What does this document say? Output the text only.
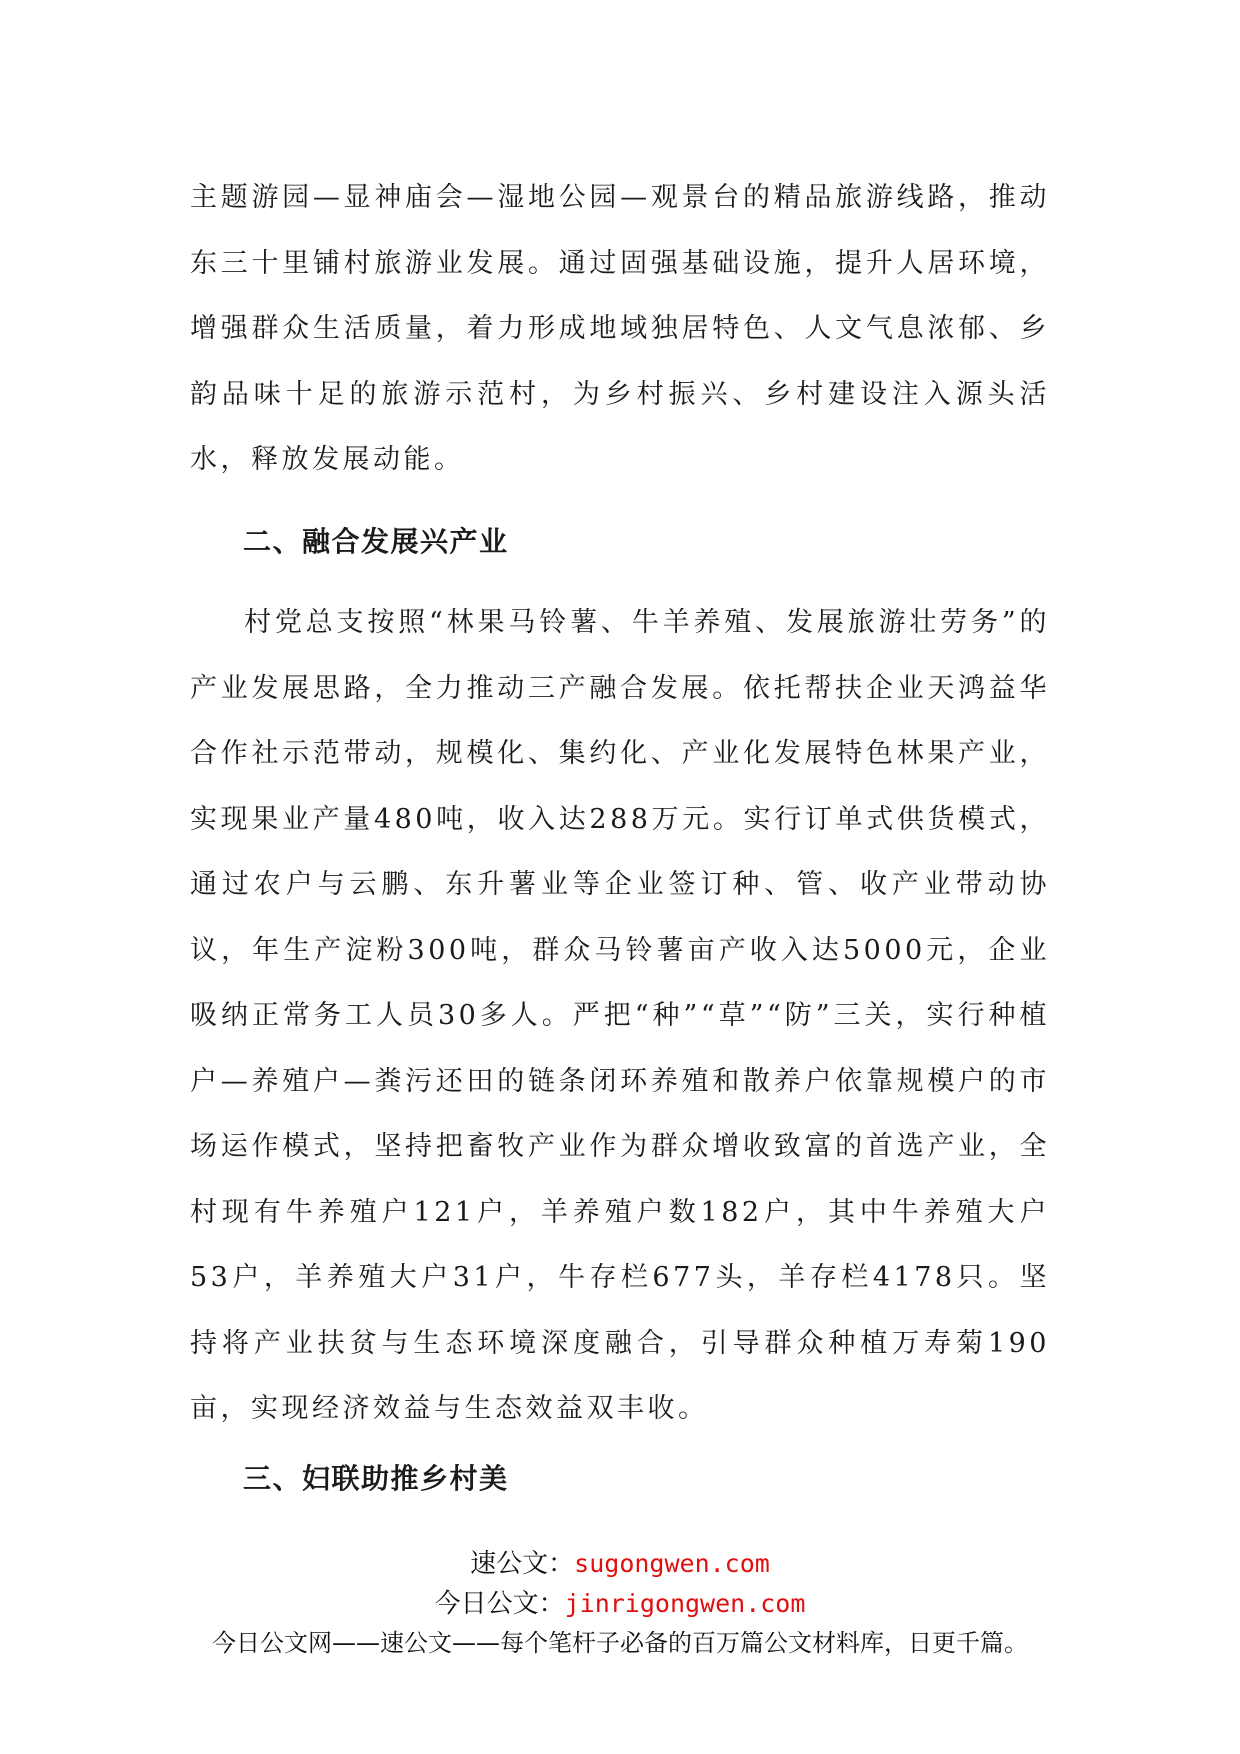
主题游园—显神庙会—湿地公园—观景台的精品旅游线路，推动东三十里铺村旅游业发展。通过固强基础设施，提升人居环境，增强群众生活质量，着力形成地域独居特色、人文气息浓郁、乡韵品味十足的旅游示范村，为乡村振兴、乡村建设注入源头活水，释放发展动能。

二、融合发展兴产业

村党总支按照“林果马铃薯、牛羊养殖、发展旅游壮劳务”的产业发展思路，全力推动三产融合发展。依托帮扶企业天鸿益华合作社示范带动，规模化、集约化、产业化发展特色林果产业，实现果业产量480吨，收入达288万元。实行订单式供货模式，通过农户与云鹏、东升薯业等企业签订种、管、收产业带动协议，年生产淀粉300吨，群众马铃薯亩产收入达5000元，企业吸纳正常务工人员30多人。严把“种”“草”“防”三关，实行种植户—养殖户—粪污还田的链条闭环养殖和散养户依靠规模户的市场运作模式，坚持把畜牧产业作为群众增收致富的首选产业，全村现有牛养殖户121户，羊养殖户数182户，其中牛养殖大户53户，羊养殖大户31户，牛存栏677头，羊存栏4178只。坚持将产业扶贫与生态环境深度融合，引导群众种植万寿菊190亩，实现经济效益与生态效益双丰收。

三、妇联助推乡村美
速公文：sugongwen.com
今日公文：jinrigongwen.com
今日公文网——速公文——每个笔杆子必备的百万篇公文材料库，日更千篇。
